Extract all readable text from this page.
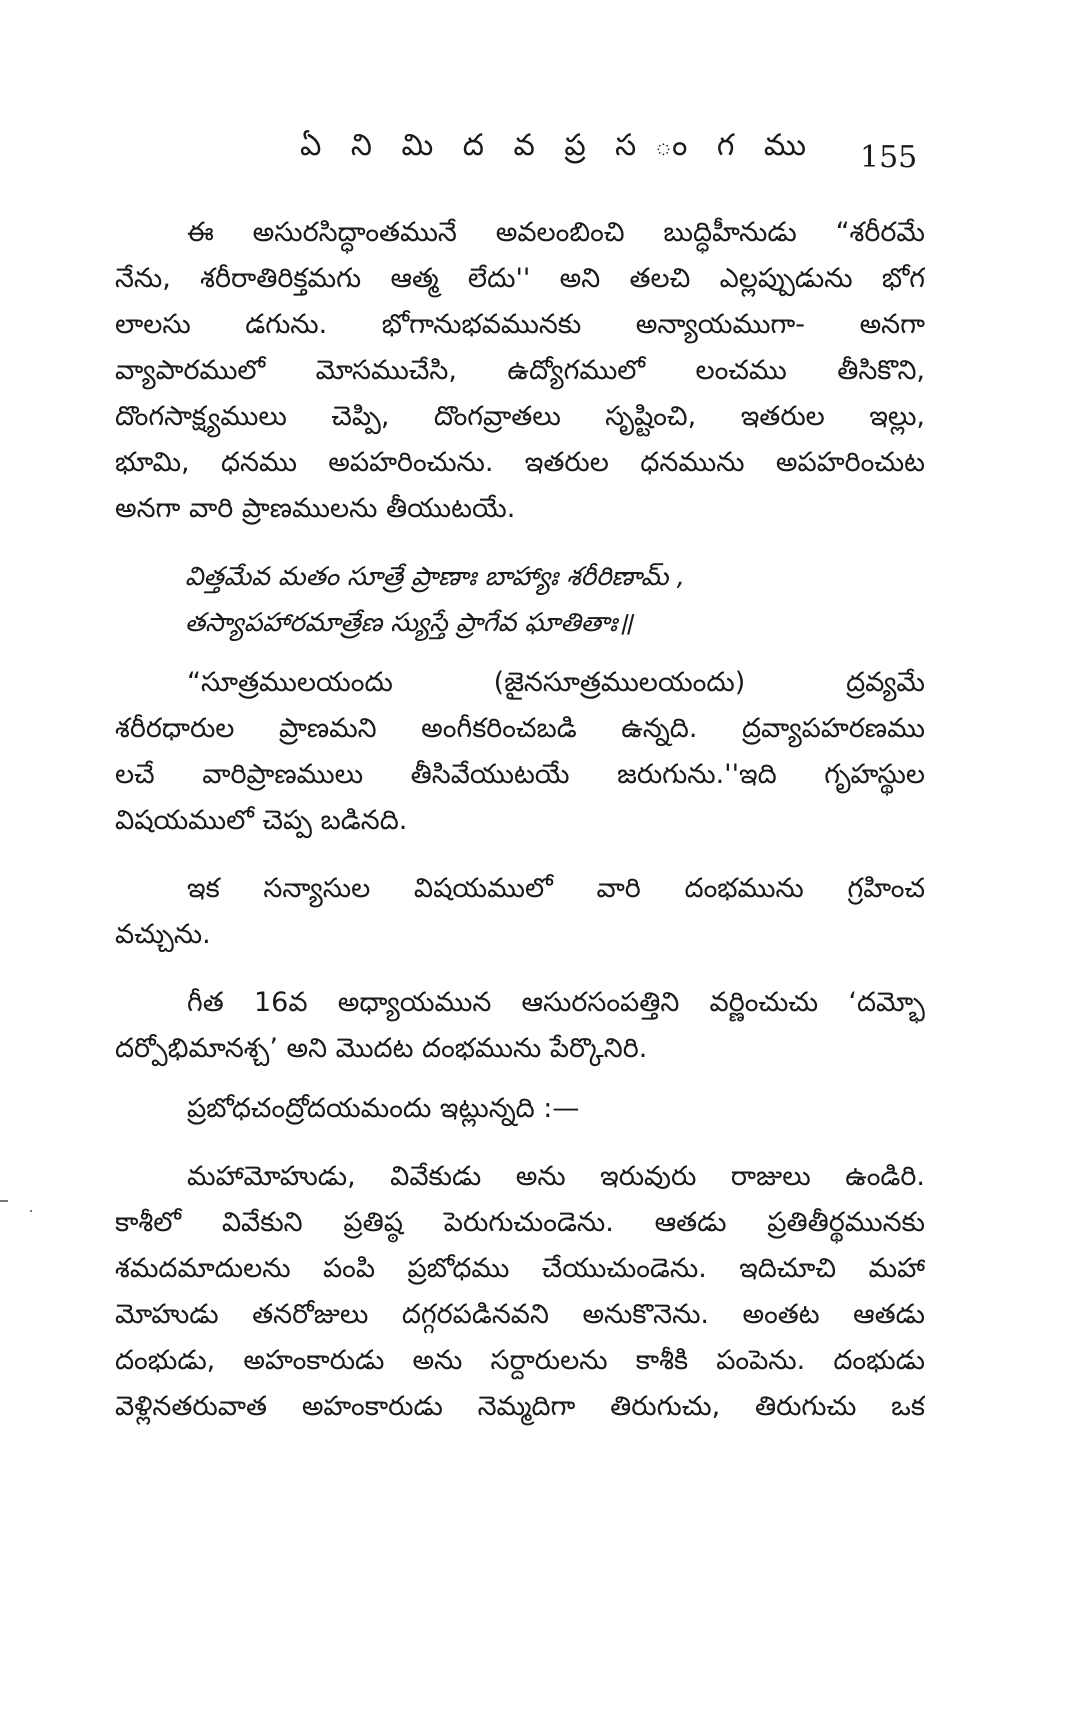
ఏ ని మి ద వ ప్ర స ం గ ము 155
ఈ అసురసిద్ధాంతమునే అవలంబించి బుద్ధిహీనుడు “శరీరమే
నేను, శరీరాతిరిక్తమగు ఆత్మ లేదు'' అని తలచి ఎల్లప్పుడును భోగ
లాలసు డగును. భోగానుభవమునకు అన్యాయముగా- అనగా
వ్యాపారములో మోసముచేసి, ఉద్యోగములో లంచము తీసికొని,
దొంగసాక్ష్యములు చెప్పి, దొంగవ్రాతలు సృష్టించి, ఇతరుల ఇల్లు,
భూమి, ధనము అపహరించును. ఇతరుల ధనమును అపహరించుట
అనగా వారి ప్రాణములను తీయుటయే.
విత్తమేవ మతం సూత్రే ప్రాణాః బాహ్యాః శరీరిణామ్ ,
తస్యాపహారమాత్రేణ స్యుస్తే ప్రాగేవ ఘాతితాః॥
“సూత్రములయందు (జైనసూత్రములయందు) ద్రవ్యమే
శరీరధారుల ప్రాణమని అంగీకరించబడి ఉన్నది. ద్రవ్యాపహరణము
లచే వారిప్రాణములు తీసివేయుటయే జరుగును.''ఇది గృహస్థుల
విషయములో చెప్ప బడినది.
ఇక సన్యాసుల విషయములో వారి దంభమును గ్రహించ
వచ్చును.
గీత 16వ అధ్యాయమున ఆసురసంపత్తిని వర్ణించుచు ‘దమ్భో
దర్పోభిమానశ్చ’ అని మొదట దంభమును పేర్కొనిరి.
ప్రబోధచంద్రోదయమందు ఇట్లున్నది :—
మహామోహుడు, వివేకుడు అను ఇరువురు రాజులు ఉండిరి.
కాశీలో వివేకుని ప్రతిష్ఠ పెరుగుచుండెను. ఆతడు ప్రతితీర్థమునకు
శమదమాదులను పంపి ప్రబోధము చేయుచుండెను. ఇదిచూచి మహా
మోహుడు తనరోజులు దగ్గరపడినవని అనుకొనెను. అంతట ఆతడు
దంభుడు, అహంకారుడు అను సర్దారులను కాశీకి పంపెను. దంభుడు
వెళ్లినతరువాత అహంకారుడు నెమ్మదిగా తిరుగుచు, తిరుగుచు ఒక
